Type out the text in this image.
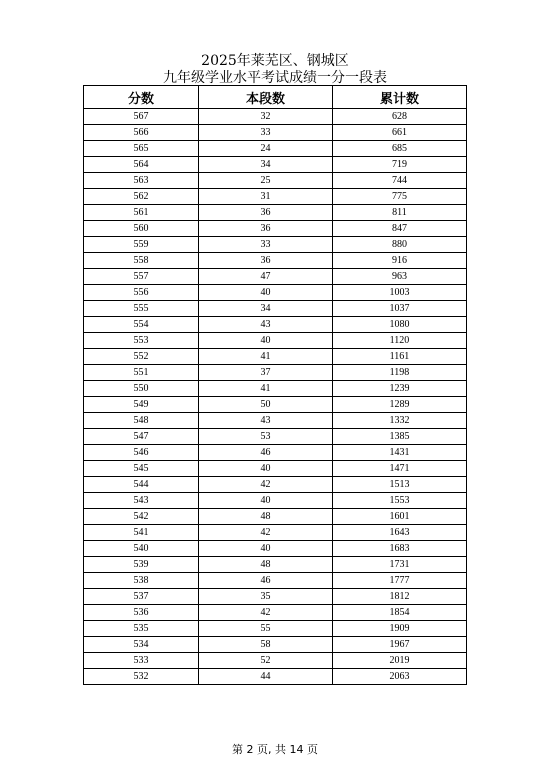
2025年莱芜区、钢城区
九年级学业水平考试成绩一分一段表
分数	本段数	累计数
567	32	628
566	33	661
565	24	685
564	34	719
563	25	744
562	31	775
561	36	811
560	36	847
559	33	880
558	36	916
557	47	963
556	40	1003
555	34	1037
554	43	1080
553	40	1120
552	41	1161
551	37	1198
550	41	1239
549	50	1289
548	43	1332
547	53	1385
546	46	1431
545	40	1471
544	42	1513
543	40	1553
542	48	1601
541	42	1643
540	40	1683
539	48	1731
538	46	1777
537	35	1812
536	42	1854
535	55	1909
534	58	1967
533	52	2019
532	44	2063
第 2 页, 共 14 页
